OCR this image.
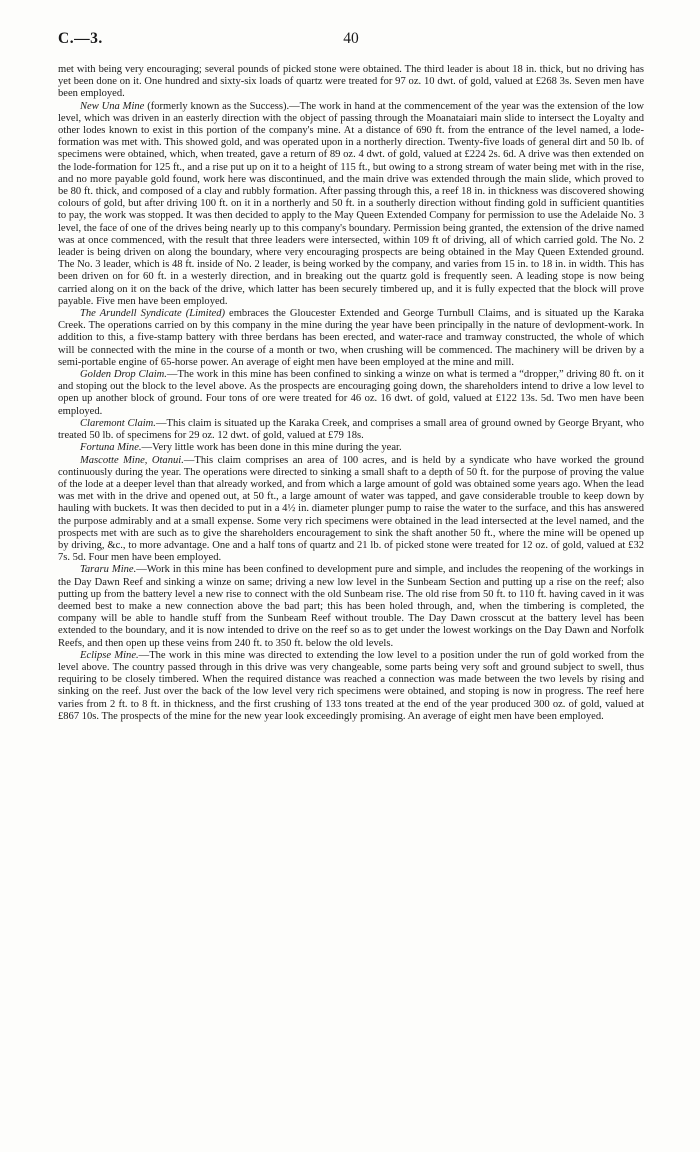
C.—3.	40

met with being very encouraging; several pounds of picked stone were obtained. The third leader is about 18 in. thick, but no driving has yet been done on it. One hundred and sixty-six loads of quartz were treated for 97 oz. 10 dwt. of gold, valued at £268 3s. Seven men have been employed.

New Una Mine (formerly known as the Success).—The work in hand at the commencement of the year was the extension of the low level, which was driven in an easterly direction with the object of passing through the Moanataiari main slide to intersect the Loyalty and other lodes known to exist in this portion of the company's mine. At a distance of 690 ft. from the entrance of the level named, a lode-formation was met with. This showed gold, and was operated upon in a northerly direction. Twenty-five loads of general dirt and 50 lb. of specimens were obtained, which, when treated, gave a return of 89 oz. 4 dwt. of gold, valued at £224 2s. 6d. A drive was then extended on the lode-formation for 125 ft., and a rise put up on it to a height of 115 ft., but owing to a strong stream of water being met with in the rise, and no more payable gold found, work here was discontinued, and the main drive was extended through the main slide, which proved to be 80 ft. thick, and composed of a clay and rubbly formation. After passing through this, a reef 18 in. in thickness was discovered showing colours of gold, but after driving 100 ft. on it in a northerly and 50 ft. in a southerly direction without finding gold in sufficient quantities to pay, the work was stopped. It was then decided to apply to the May Queen Extended Company for permission to use the Adelaide No. 3 level, the face of one of the drives being nearly up to this company's boundary. Permission being granted, the extension of the drive named was at once commenced, with the result that three leaders were intersected, within 109 ft of driving, all of which carried gold. The No. 2 leader is being driven on along the boundary, where very encouraging prospects are being obtained in the May Queen Extended ground. The No. 3 leader, which is 48 ft. inside of No. 2 leader, is being worked by the company, and varies from 15 in. to 18 in. in width. This has been driven on for 60 ft. in a westerly direction, and in breaking out the quartz gold is frequently seen. A leading stope is now being carried along on it on the back of the drive, which latter has been securely timbered up, and it is fully expected that the block will prove payable. Five men have been employed.

The Arundell Syndicate (Limited) embraces the Gloucester Extended and George Turnbull Claims, and is situated up the Karaka Creek. The operations carried on by this company in the mine during the year have been principally in the nature of devlopment-work. In addition to this, a five-stamp battery with three berdans has been erected, and water-race and tramway constructed, the whole of which will be connected with the mine in the course of a month or two, when crushing will be commenced. The machinery will be driven by a semi-portable engine of 65-horse power. An average of eight men have been employed at the mine and mill.

Golden Drop Claim.—The work in this mine has been confined to sinking a winze on what is termed a “dropper,” driving 80 ft. on it and stoping out the block to the level above. As the prospects are encouraging going down, the shareholders intend to drive a low level to open up another block of ground. Four tons of ore were treated for 46 oz. 16 dwt. of gold, valued at £122 13s. 5d. Two men have been employed.

Claremont Claim.—This claim is situated up the Karaka Creek, and comprises a small area of ground owned by George Bryant, who treated 50 lb. of specimens for 29 oz. 12 dwt. of gold, valued at £79 18s.

Fortuna Mine.—Very little work has been done in this mine during the year.

Mascotte Mine, Otanui.—This claim comprises an area of 100 acres, and is held by a syndicate who have worked the ground continuously during the year. The operations were directed to sinking a small shaft to a depth of 50 ft. for the purpose of proving the value of the lode at a deeper level than that already worked, and from which a large amount of gold was obtained some years ago. When the lead was met with in the drive and opened out, at 50 ft., a large amount of water was tapped, and gave considerable trouble to keep down by hauling with buckets. It was then decided to put in a 4½ in. diameter plunger pump to raise the water to the surface, and this has answered the purpose admirably and at a small expense. Some very rich specimens were obtained in the lead intersected at the level named, and the prospects met with are such as to give the shareholders encouragement to sink the shaft another 50 ft., where the mine will be opened up by driving, &c., to more advantage. One and a half tons of quartz and 21 lb. of picked stone were treated for 12 oz. of gold, valued at £32 7s. 5d. Four men have been employed.

Tararu Mine.—Work in this mine has been confined to development pure and simple, and includes the reopening of the workings in the Day Dawn Reef and sinking a winze on same; driving a new low level in the Sunbeam Section and putting up a rise on the reef; also putting up from the battery level a new rise to connect with the old Sunbeam rise. The old rise from 50 ft. to 110 ft. having caved in it was deemed best to make a new connection above the bad part; this has been holed through, and, when the timbering is completed, the company will be able to handle stuff from the Sunbeam Reef without trouble. The Day Dawn crosscut at the battery level has been extended to the boundary, and it is now intended to drive on the reef so as to get under the lowest workings on the Day Dawn and Norfolk Reefs, and then open up these veins from 240 ft. to 350 ft. below the old levels.

Eclipse Mine.—The work in this mine was directed to extending the low level to a position under the run of gold worked from the level above. The country passed through in this drive was very changeable, some parts being very soft and ground subject to swell, thus requiring to be closely timbered. When the required distance was reached a connection was made between the two levels by rising and sinking on the reef. Just over the back of the low level very rich specimens were obtained, and stoping is now in progress. The reef here varies from 2 ft. to 8 ft. in thickness, and the first crushing of 133 tons treated at the end of the year produced 300 oz. of gold, valued at £867 10s. The prospects of the mine for the new year look exceedingly promising. An average of eight men have been employed.
